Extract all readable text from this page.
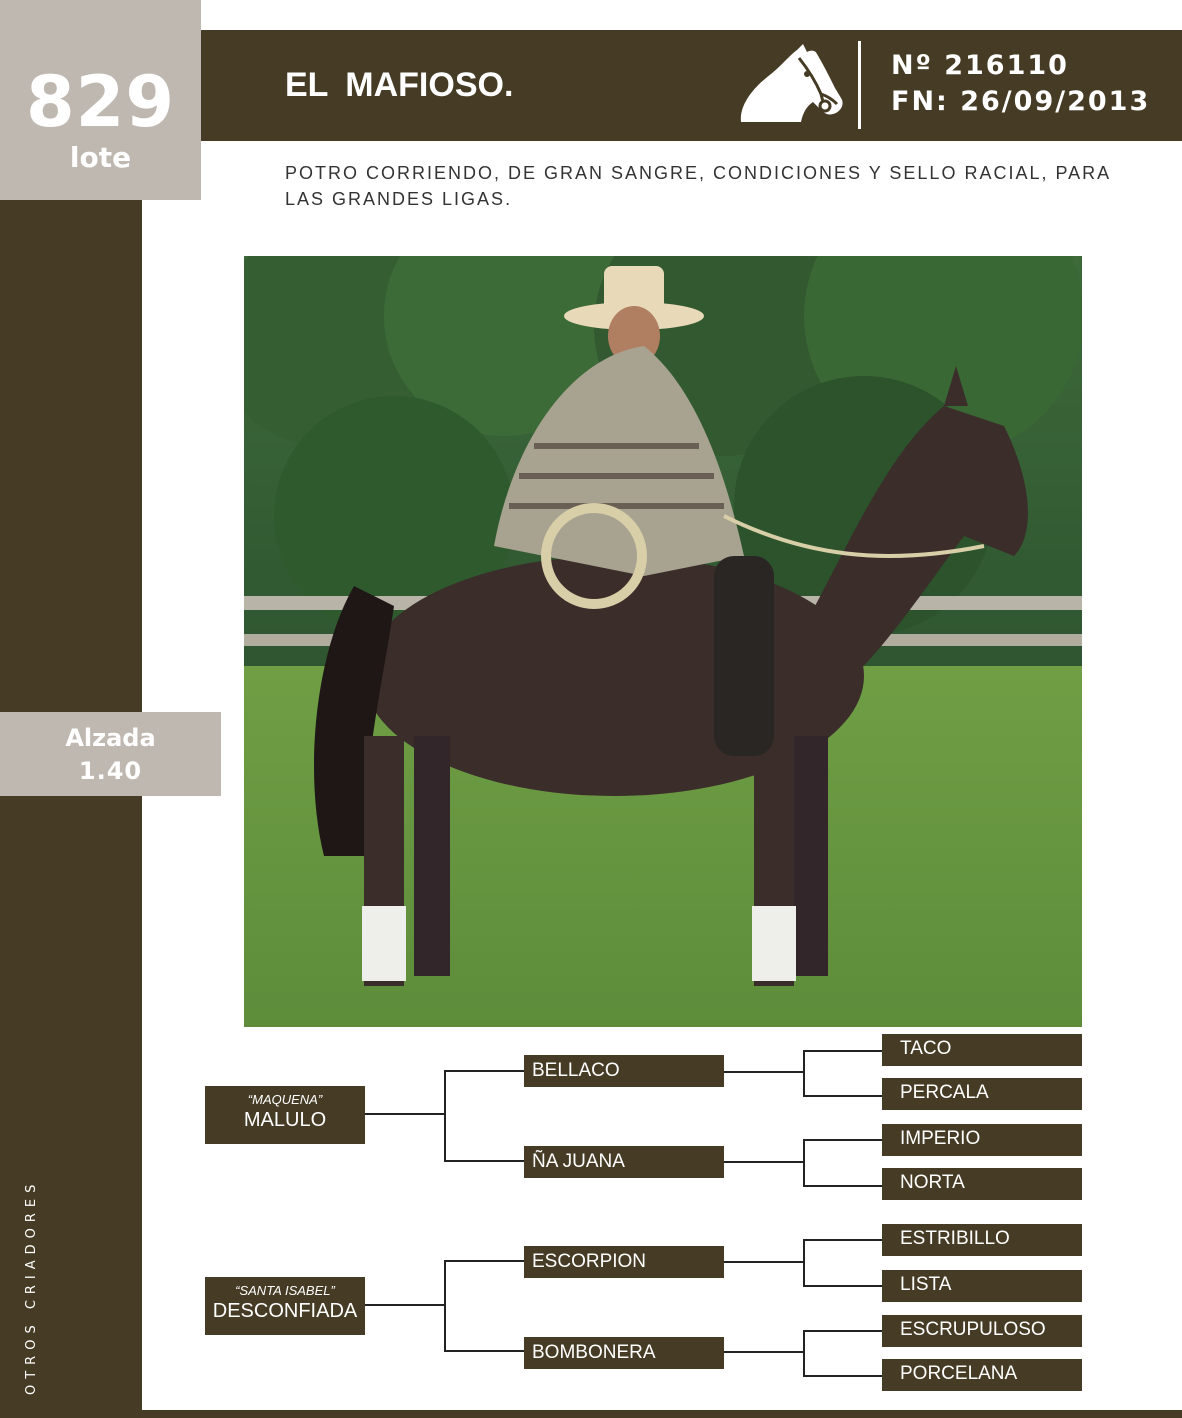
829
lote
EL MAFIOSO.
Nº 216110
FN: 26/09/2013
POTRO CORRIENDO, DE GRAN SANGRE, CONDICIONES Y SELLO RACIAL, PARA LAS GRANDES LIGAS.
Alzada
1.40
OTROS CRIADORES
“MAQUENA”
MALULO
“SANTA ISABEL”
DESCONFIADA
BELLACO
ÑA JUANA
ESCORPION
BOMBONERA
TACO
PERCALA
IMPERIO
NORTA
ESTRIBILLO
LISTA
ESCRUPULOSO
PORCELANA
